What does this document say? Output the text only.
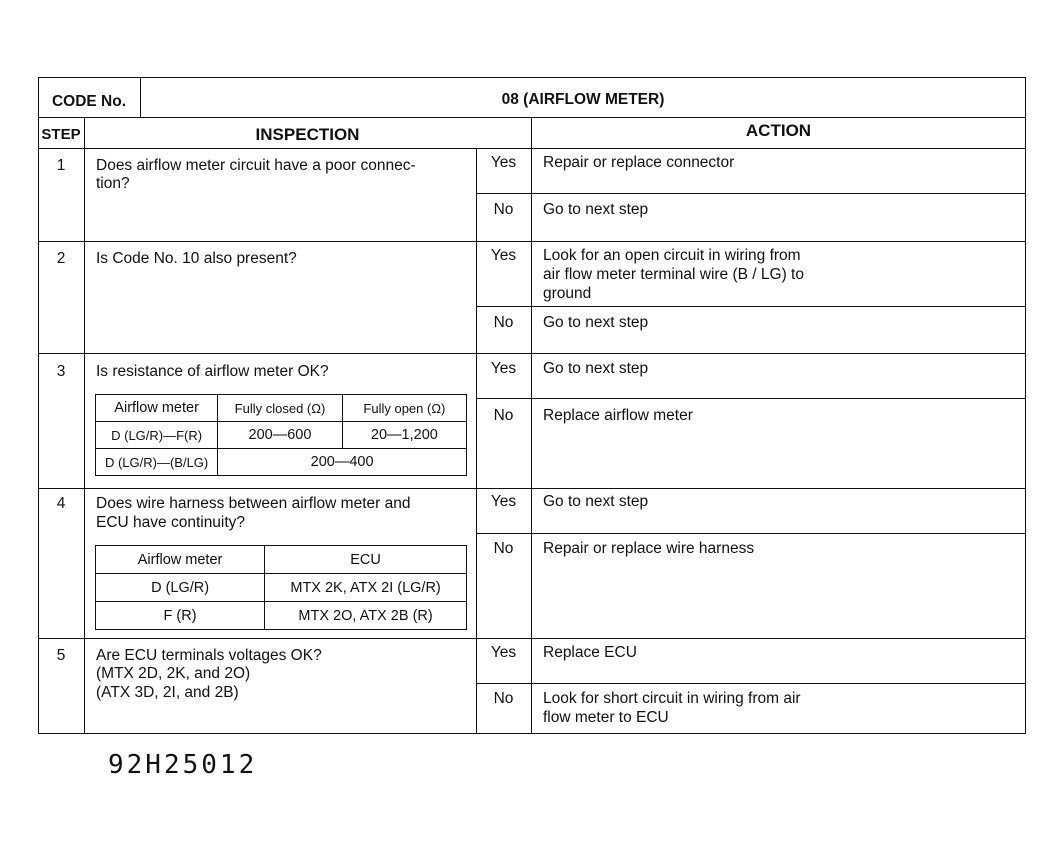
CODE No.	08 (AIRFLOW METER)
STEP	INSPECTION	ACTION
1	Does airflow meter circuit have a poor connec-
tion?
Yes	Repair or replace connector
No	Go to next step
2	Is Code No. 10 also present?	Yes	Look for an open circuit in wiring from
air flow meter terminal wire (B / LG) to
ground
No	Go to next step
3	Is resistance of airflow meter OK?
Airflow meter	Fully closed (Ω)	Fully open (Ω)
D (LG/R)—F(R)	200—600	20—1,200
D (LG/R)—(B/LG)	200—400	
Yes	Go to next step
No	Replace airflow meter
4	Does wire harness between airflow meter and
ECU have continuity?
Airflow meter	ECU
D (LG/R)	MTX 2K, ATX 2I (LG/R)
F (R)	MTX 2O, ATX 2B (R)
Yes	Go to next step
No	Repair or replace wire harness
5	Are ECU terminals voltages OK?
(MTX 2D, 2K, and 2O)
(ATX 3D, 2I, and 2B)
Yes	Replace ECU
No	Look for short circuit in wiring from air
flow meter to ECU
92H25012
